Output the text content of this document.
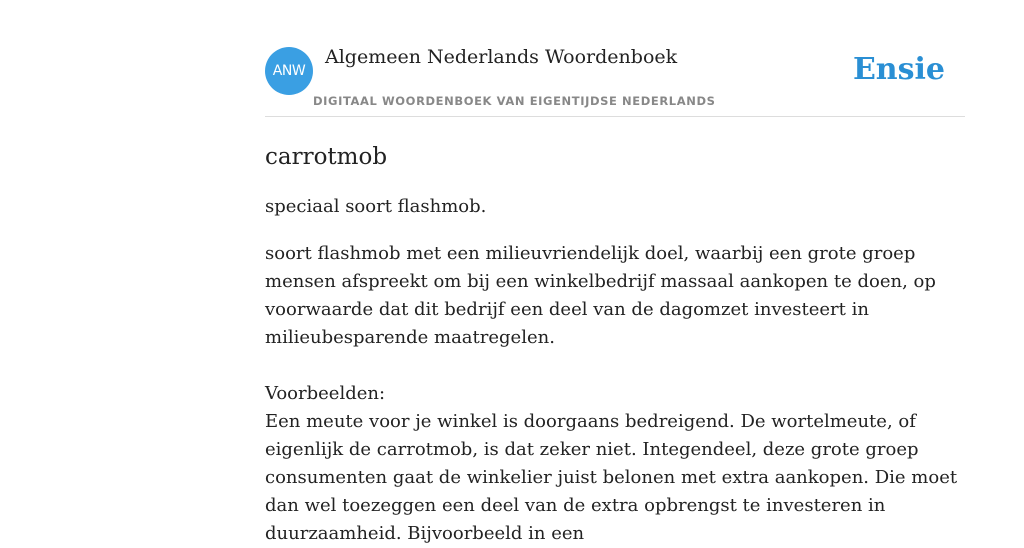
ANW
Algemeen Nederlands Woordenboek
DIGITAAL WOORDENBOEK VAN EIGENTIJDSE NEDERLANDS
Ensie
carrotmob

speciaal soort flashmob.

soort flashmob met een milieuvriendelijk doel, waarbij een grote groep mensen afspreekt om bij een winkelbedrijf massaal aankopen te doen, op voorwaarde dat dit bedrijf een deel van de dagomzet investeert in milieubesparende maatregelen.

Voorbeelden:
Een meute voor je winkel is doorgaans bedreigend. De wortelmeute, of eigenlijk de carrotmob, is dat zeker niet. Integendeel, deze grote groep consumenten gaat de winkelier juist belonen met extra aankopen. Die moet dan wel toezeggen een deel van de extra opbrengst te investeren in duurzaamheid. Bijvoorbeeld in een
